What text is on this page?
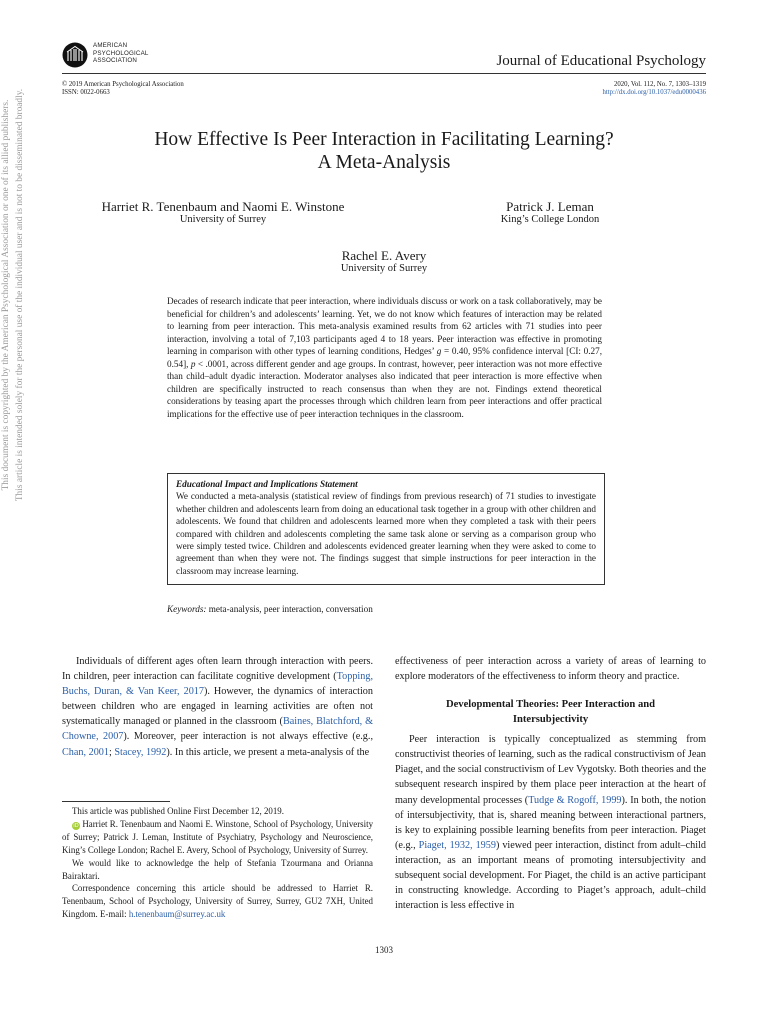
This document is copyrighted by the American Psychological Association or one of its allied publishers. This article is intended solely for the personal use of the individual user and is not to be disseminated broadly.
AMERICAN
PSYCHOLOGICAL
ASSOCIATION	Journal of Educational Psychology
© 2019 American Psychological Association
ISSN: 0022-0663
2020, Vol. 112, No. 7, 1303–1319
http://dx.doi.org/10.1037/edu0000436
How Effective Is Peer Interaction in Facilitating Learning?
A Meta-Analysis
Harriet R. Tenenbaum and Naomi E. Winstone
University of Surrey
Patrick J. Leman
King’s College London
Rachel E. Avery
University of Surrey
Decades of research indicate that peer interaction, where individuals discuss or work on a task collaboratively, may be beneficial for children’s and adolescents’ learning. Yet, we do not know which features of interaction may be related to learning from peer interaction. This meta-analysis examined results from 62 articles with 71 studies into peer interaction, involving a total of 7,103 participants aged 4 to 18 years. Peer interaction was effective in promoting learning in comparison with other types of learning conditions, Hedges’ g = 0.40, 95% confidence interval [CI: 0.27, 0.54], p < .0001, across different gender and age groups. In contrast, however, peer interaction was not more effective than child–adult dyadic interaction. Moderator analyses also indicated that peer interaction is more effective when children are specifically instructed to reach consensus than when they are not. Findings extend theoretical considerations by teasing apart the processes through which children learn from peer interactions and offer practical implications for the effective use of peer interaction techniques in the classroom.
Educational Impact and Implications Statement
We conducted a meta-analysis (statistical review of findings from previous research) of 71 studies to investigate whether children and adolescents learn from doing an educational task together in a group with other children and adolescents. We found that children and adolescents learned more when they completed a task with their peers compared with children and adolescents completing the same task alone or serving as a comparison group who were simply tested twice. Children and adolescents evidenced greater learning when they were asked to come to agreement than when they were not. The findings suggest that simple instructions for peer interaction in the classroom may increase learning.
Keywords: meta-analysis, peer interaction, conversation

Individuals of different ages often learn through interaction with peers. In children, peer interaction can facilitate cognitive development (Topping, Buchs, Duran, & Van Keer, 2017). However, the dynamics of interaction between children who are engaged in learning activities are often not systematically managed or planned in the classroom (Baines, Blatchford, & Chowne, 2007). Moreover, peer interaction is not always effective (e.g., Chan, 2001; Stacey, 1992). In this article, we present a meta-analysis of the

This article was published Online First December 12, 2019.

iD Harriet R. Tenenbaum and Naomi E. Winstone, School of Psychology, University of Surrey; Patrick J. Leman, Institute of Psychiatry, Psychology and Neuroscience, King’s College London; Rachel E. Avery, School of Psychology, University of Surrey.

We would like to acknowledge the help of Stefania Tzourmana and Orianna Bairaktari.

Correspondence concerning this article should be addressed to Harriet R. Tenenbaum, School of Psychology, University of Surrey, Surrey, GU2 7XH, United Kingdom. E-mail: h.tenenbaum@surrey.ac.uk

effectiveness of peer interaction across a variety of areas of learning to explore moderators of the effectiveness to inform theory and practice.

Developmental Theories: Peer Interaction and
Intersubjectivity

Peer interaction is typically conceptualized as stemming from constructivist theories of learning, such as the radical constructivism of Jean Piaget, and the social constructivism of Lev Vygotsky. Both theories and the subsequent research inspired by them place peer interaction at the heart of many developmental processes (Tudge & Rogoff, 1999). In both, the notion of intersubjectivity, that is, shared meaning between interactional partners, is key to explaining possible learning benefits from peer interaction. Piaget (e.g., Piaget, 1932, 1959) viewed peer interaction, distinct from adult–child interaction, as an important means of promoting intersubjectivity and subsequent social development. For Piaget, the child is an active participant in constructing knowledge. According to Piaget’s approach, adult–child interaction is less effective in

1303
